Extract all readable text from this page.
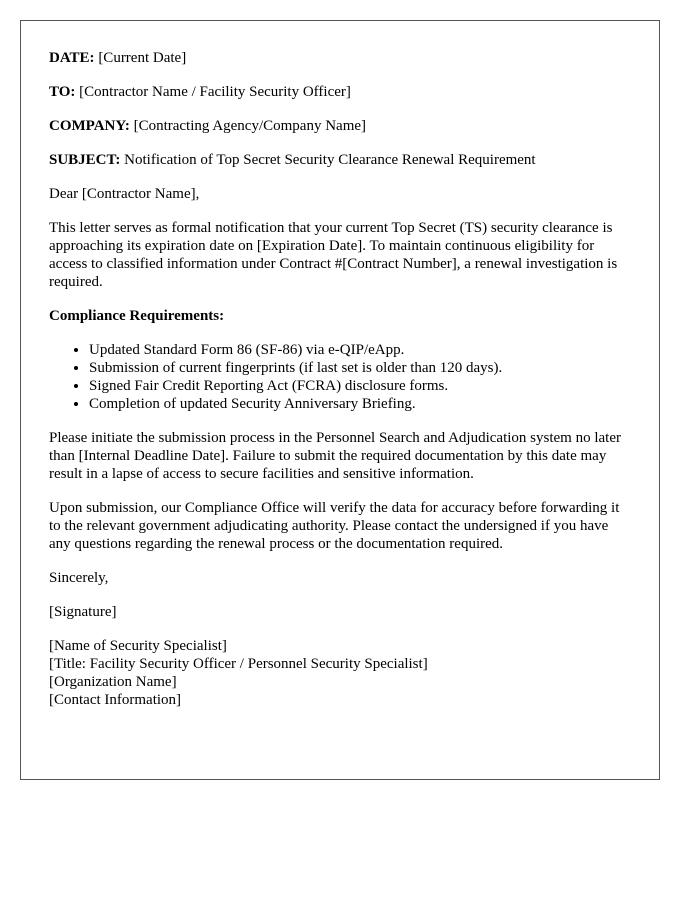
DATE: [Current Date]

TO: [Contractor Name / Facility Security Officer]

COMPANY: [Contracting Agency/Company Name]

SUBJECT: Notification of Top Secret Security Clearance Renewal Requirement

Dear [Contractor Name],

This letter serves as formal notification that your current Top Secret (TS) security clearance is approaching its expiration date on [Expiration Date]. To maintain continuous eligibility for access to classified information under Contract #[Contract Number], a renewal investigation is required.

Compliance Requirements:

• Updated Standard Form 86 (SF-86) via e-QIP/eApp.
• Submission of current fingerprints (if last set is older than 120 days).
• Signed Fair Credit Reporting Act (FCRA) disclosure forms.
• Completion of updated Security Anniversary Briefing.

Please initiate the submission process in the Personnel Search and Adjudication system no later than [Internal Deadline Date]. Failure to submit the required documentation by this date may result in a lapse of access to secure facilities and sensitive information.

Upon submission, our Compliance Office will verify the data for accuracy before forwarding it to the relevant government adjudicating authority. Please contact the undersigned if you have any questions regarding the renewal process or the documentation required.

Sincerely,

[Signature]

[Name of Security Specialist]

[Title: Facility Security Officer / Personnel Security Specialist]

[Organization Name]

[Contact Information]
